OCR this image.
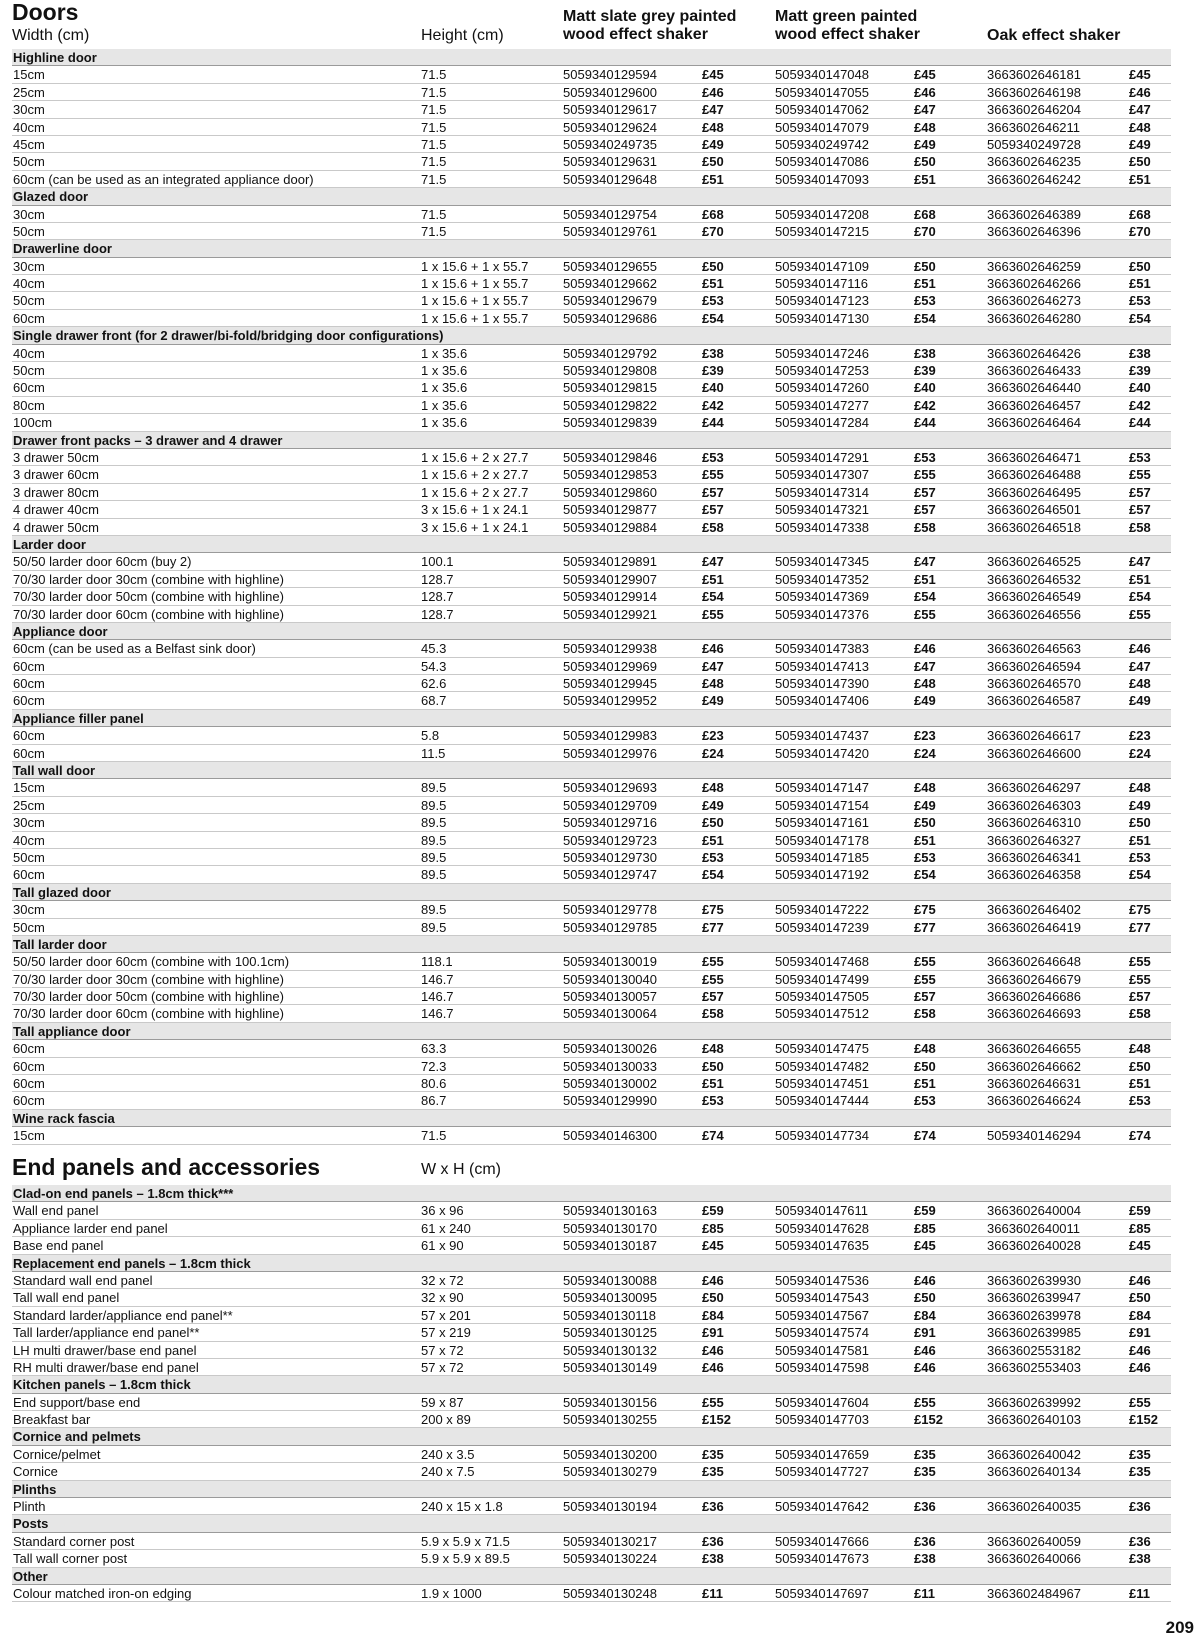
Doors
Width (cm)	Height (cm)
Matt slate grey painted
wood effect shaker
Matt green painted
wood effect shaker	Oak effect shaker
Highline door
15cm	71.5	5059340129594	£45	5059340147048	£45	3663602646181	£45
25cm	71.5	5059340129600	£46	5059340147055	£46	3663602646198	£46
30cm	71.5	5059340129617	£47	5059340147062	£47	3663602646204	£47
40cm	71.5	5059340129624	£48	5059340147079	£48	3663602646211	£48
45cm	71.5	5059340249735	£49	5059340249742	£49	5059340249728	£49
50cm	71.5	5059340129631	£50	5059340147086	£50	3663602646235	£50
60cm (can be used as an integrated appliance door)	71.5	5059340129648	£51	5059340147093	£51	3663602646242	£51
Glazed door
30cm	71.5	5059340129754	£68	5059340147208	£68	3663602646389	£68
50cm	71.5	5059340129761	£70	5059340147215	£70	3663602646396	£70
Drawerline door
30cm	1 x 15.6 + 1 x 55.7	5059340129655	£50	5059340147109	£50	3663602646259	£50
40cm	1 x 15.6 + 1 x 55.7	5059340129662	£51	5059340147116	£51	3663602646266	£51
50cm	1 x 15.6 + 1 x 55.7	5059340129679	£53	5059340147123	£53	3663602646273	£53
60cm	1 x 15.6 + 1 x 55.7	5059340129686	£54	5059340147130	£54	3663602646280	£54
Single drawer front (for 2 drawer/bi-fold/bridging door configurations)
40cm	1 x 35.6	5059340129792	£38	5059340147246	£38	3663602646426	£38
50cm	1 x 35.6	5059340129808	£39	5059340147253	£39	3663602646433	£39
60cm	1 x 35.6	5059340129815	£40	5059340147260	£40	3663602646440	£40
80cm	1 x 35.6	5059340129822	£42	5059340147277	£42	3663602646457	£42
100cm	1 x 35.6	5059340129839	£44	5059340147284	£44	3663602646464	£44
Drawer front packs – 3 drawer and 4 drawer
3 drawer 50cm	1 x 15.6 + 2 x 27.7	5059340129846	£53	5059340147291	£53	3663602646471	£53
3 drawer 60cm	1 x 15.6 + 2 x 27.7	5059340129853	£55	5059340147307	£55	3663602646488	£55
3 drawer 80cm	1 x 15.6 + 2 x 27.7	5059340129860	£57	5059340147314	£57	3663602646495	£57
4 drawer 40cm	3 x 15.6 + 1 x 24.1	5059340129877	£57	5059340147321	£57	3663602646501	£57
4 drawer 50cm	3 x 15.6 + 1 x 24.1	5059340129884	£58	5059340147338	£58	3663602646518	£58
Larder door
50/50 larder door 60cm (buy 2)	100.1	5059340129891	£47	5059340147345	£47	3663602646525	£47
70/30 larder door 30cm (combine with highline)	128.7	5059340129907	£51	5059340147352	£51	3663602646532	£51
70/30 larder door 50cm (combine with highline)	128.7	5059340129914	£54	5059340147369	£54	3663602646549	£54
70/30 larder door 60cm (combine with highline)	128.7	5059340129921	£55	5059340147376	£55	3663602646556	£55
Appliance door
60cm (can be used as a Belfast sink door)	45.3	5059340129938	£46	5059340147383	£46	3663602646563	£46
60cm	54.3	5059340129969	£47	5059340147413	£47	3663602646594	£47
60cm	62.6	5059340129945	£48	5059340147390	£48	3663602646570	£48
60cm	68.7	5059340129952	£49	5059340147406	£49	3663602646587	£49
Appliance filler panel
60cm	5.8	5059340129983	£23	5059340147437	£23	3663602646617	£23
60cm	11.5	5059340129976	£24	5059340147420	£24	3663602646600	£24
Tall wall door
15cm	89.5	5059340129693	£48	5059340147147	£48	3663602646297	£48
25cm	89.5	5059340129709	£49	5059340147154	£49	3663602646303	£49
30cm	89.5	5059340129716	£50	5059340147161	£50	3663602646310	£50
40cm	89.5	5059340129723	£51	5059340147178	£51	3663602646327	£51
50cm	89.5	5059340129730	£53	5059340147185	£53	3663602646341	£53
60cm	89.5	5059340129747	£54	5059340147192	£54	3663602646358	£54
Tall glazed door
30cm	89.5	5059340129778	£75	5059340147222	£75	3663602646402	£75
50cm	89.5	5059340129785	£77	5059340147239	£77	3663602646419	£77
Tall larder door
50/50 larder door 60cm (combine with 100.1cm)	118.1	5059340130019	£55	5059340147468	£55	3663602646648	£55
70/30 larder door 30cm (combine with highline)	146.7	5059340130040	£55	5059340147499	£55	3663602646679	£55
70/30 larder door 50cm (combine with highline)	146.7	5059340130057	£57	5059340147505	£57	3663602646686	£57
70/30 larder door 60cm (combine with highline)	146.7	5059340130064	£58	5059340147512	£58	3663602646693	£58
Tall appliance door
60cm	63.3	5059340130026	£48	5059340147475	£48	3663602646655	£48
60cm	72.3	5059340130033	£50	5059340147482	£50	3663602646662	£50
60cm	80.6	5059340130002	£51	5059340147451	£51	3663602646631	£51
60cm	86.7	5059340129990	£53	5059340147444	£53	3663602646624	£53
Wine rack fascia
15cm	71.5	5059340146300	£74	5059340147734	£74	5059340146294	£74
End panels and accessories	W x H (cm)
Clad-on end panels – 1.8cm thick***
Wall end panel	36 x 96	5059340130163	£59	5059340147611	£59	3663602640004	£59
Appliance larder end panel	61 x 240	5059340130170	£85	5059340147628	£85	3663602640011	£85
Base end panel	61 x 90	5059340130187	£45	5059340147635	£45	3663602640028	£45
Replacement end panels – 1.8cm thick
Standard wall end panel	32 x 72	5059340130088	£46	5059340147536	£46	3663602639930	£46
Tall wall end panel	32 x 90	5059340130095	£50	5059340147543	£50	3663602639947	£50
Standard larder/appliance end panel**	57 x 201	5059340130118	£84	5059340147567	£84	3663602639978	£84
Tall larder/appliance end panel**	57 x 219	5059340130125	£91	5059340147574	£91	3663602639985	£91
LH multi drawer/base end panel	57 x 72	5059340130132	£46	5059340147581	£46	3663602553182	£46
RH multi drawer/base end panel	57 x 72	5059340130149	£46	5059340147598	£46	3663602553403	£46
Kitchen panels – 1.8cm thick
End support/base end	59 x 87	5059340130156	£55	5059340147604	£55	3663602639992	£55
Breakfast bar	200 x 89	5059340130255	£152	5059340147703	£152	3663602640103	£152
Cornice and pelmets
Cornice/pelmet	240 x 3.5	5059340130200	£35	5059340147659	£35	3663602640042	£35
Cornice	240 x 7.5	5059340130279	£35	5059340147727	£35	3663602640134	£35
Plinths
Plinth	240 x 15 x 1.8	5059340130194	£36	5059340147642	£36	3663602640035	£36
Posts
Standard corner post	5.9 x 5.9 x 71.5	5059340130217	£36	5059340147666	£36	3663602640059	£36
Tall wall corner post	5.9 x 5.9 x 89.5	5059340130224	£38	5059340147673	£38	3663602640066	£38
Other
Colour matched iron-on edging	1.9 x 1000	5059340130248	£11	5059340147697	£11	3663602484967	£11
209
